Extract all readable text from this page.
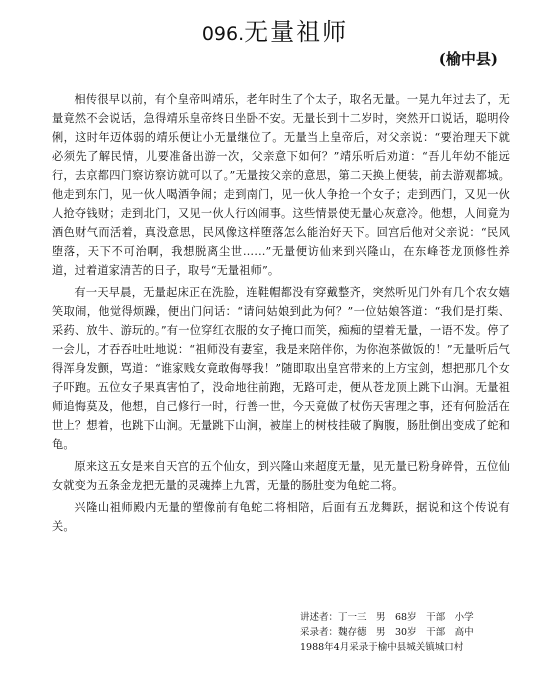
096.无量祖师
(榆中县)

相传很早以前，有个皇帝叫靖乐，老年时生了个太子，取名无量。一晃九年过去了，无量竟然不会说话，急得靖乐皇帝终日坐卧不安。无量长到十二岁时，突然开口说话，聪明伶俐，这时年迈体弱的靖乐便让小无量继位了。无量当上皇帝后，对父亲说：“要治理天下就必须先了解民情，儿要准备出游一次，父亲意下如何？”靖乐听后劝道：“吾儿年幼不能远行，去京都四门察访察访就可以了。”无量按父亲的意思，第二天换上便装，前去游观都城。他走到东门，见一伙人喝酒争闹；走到南门，见一伙人争抢一个女子；走到西门，又见一伙人抢夺钱财；走到北门，又见一伙人行凶闹事。这些情景使无量心灰意冷。他想，人间竟为酒色财气而活着，真没意思，民风像这样堕落怎么能治好天下。回宫后他对父亲说：“民风堕落，天下不可治啊，我想脱离尘世……”无量便访仙来到兴隆山，在东峰苍龙顶修性养道，过着道家清苦的日子，取号“无量祖师”。

有一天早晨，无量起床正在洗脸，连鞋帽都没有穿戴整齐，突然听见门外有几个农女嬉笑取闹，他觉得烦躁，便出门问话：“请问姑娘到此为何？”一位姑娘答道：“我们是打柴、采药、放牛、游玩的。”有一位穿红衣服的女子掩口而笑，痴痴的望着无量，一语不发。停了一会儿，才吞吞吐吐地说：“祖师没有妻室，我是来陪伴你，为你泡茶做饭的！”无量听后气得浑身发颤，骂道：“谁家贱女竟敢侮辱我！”随即取出皇宫带来的上方宝剑，想把那几个女子吓跑。五位女子果真害怕了，没命地往前跑，无路可走，便从苍龙顶上跳下山涧。无量祖师追悔莫及，他想，自己修行一时，行善一世，今天竟做了杖伤天害理之事，还有何脸活在世上？想着，也跳下山涧。无量跳下山涧，被崖上的树枝挂破了胸腹，肠肚倒出变成了蛇和龟。

原来这五女是来自天宫的五个仙女，到兴隆山来超度无量，见无量已粉身碎骨，五位仙女就变为五条金龙把无量的灵魂捧上九霄，无量的肠肚变为龟蛇二将。

兴隆山祖师殿内无量的塑像前有龟蛇二将相陪，后面有五龙舞跃，据说和这个传说有关。

讲述者：丁一三　男　68岁　干部　小学
采录者：魏存德　男　30岁　干部　高中
1988年4月采录于榆中县城关镇城口村
